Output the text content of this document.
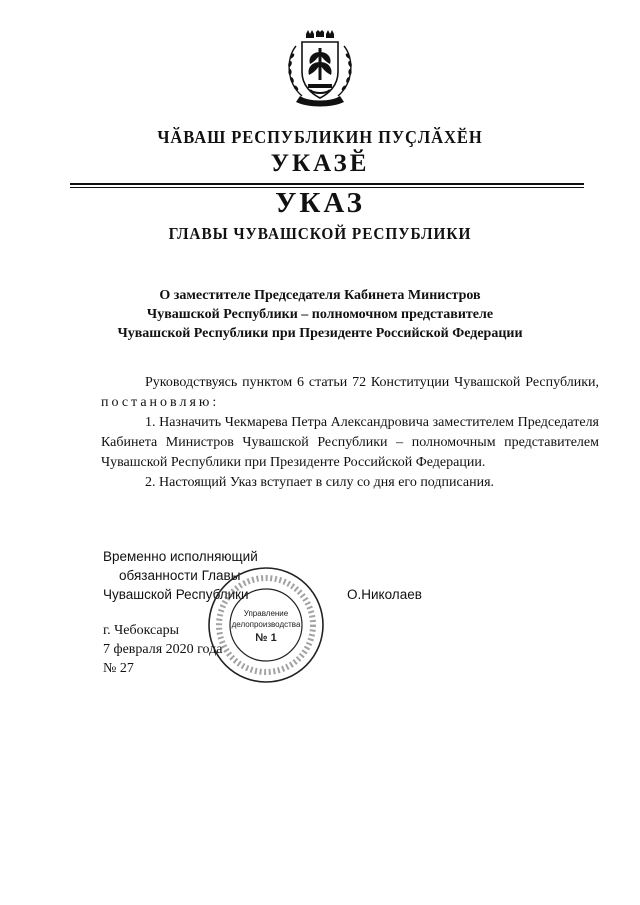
ЧӐВАШ РЕСПУБЛИКИН ПУҪЛӐХӖН
УКАЗӖ
УКАЗ
ГЛАВЫ ЧУВАШСКОЙ РЕСПУБЛИКИ
О заместителе Председателя Кабинета Министров
Чувашской Республики – полномочном представителе
Чувашской Республики при Президенте Российской Федерации

Руководствуясь пунктом 6 статьи 72 Конституции Чувашской Республики, постановляю:

1. Назначить Чекмарева Петра Александровича заместителем Председателя Кабинета Министров Чувашской Республики – полномочным представителем Чувашской Республики при Президенте Российской Федерации.

2. Настоящий Указ вступает в силу со дня его подписания.

Временно исполняющий
обязанности Главы
Чувашской Республики	О.Николаев
г. Чебоксары
7 февраля 2020 года
№ 27
Управление
делопроизводства
№ 1
